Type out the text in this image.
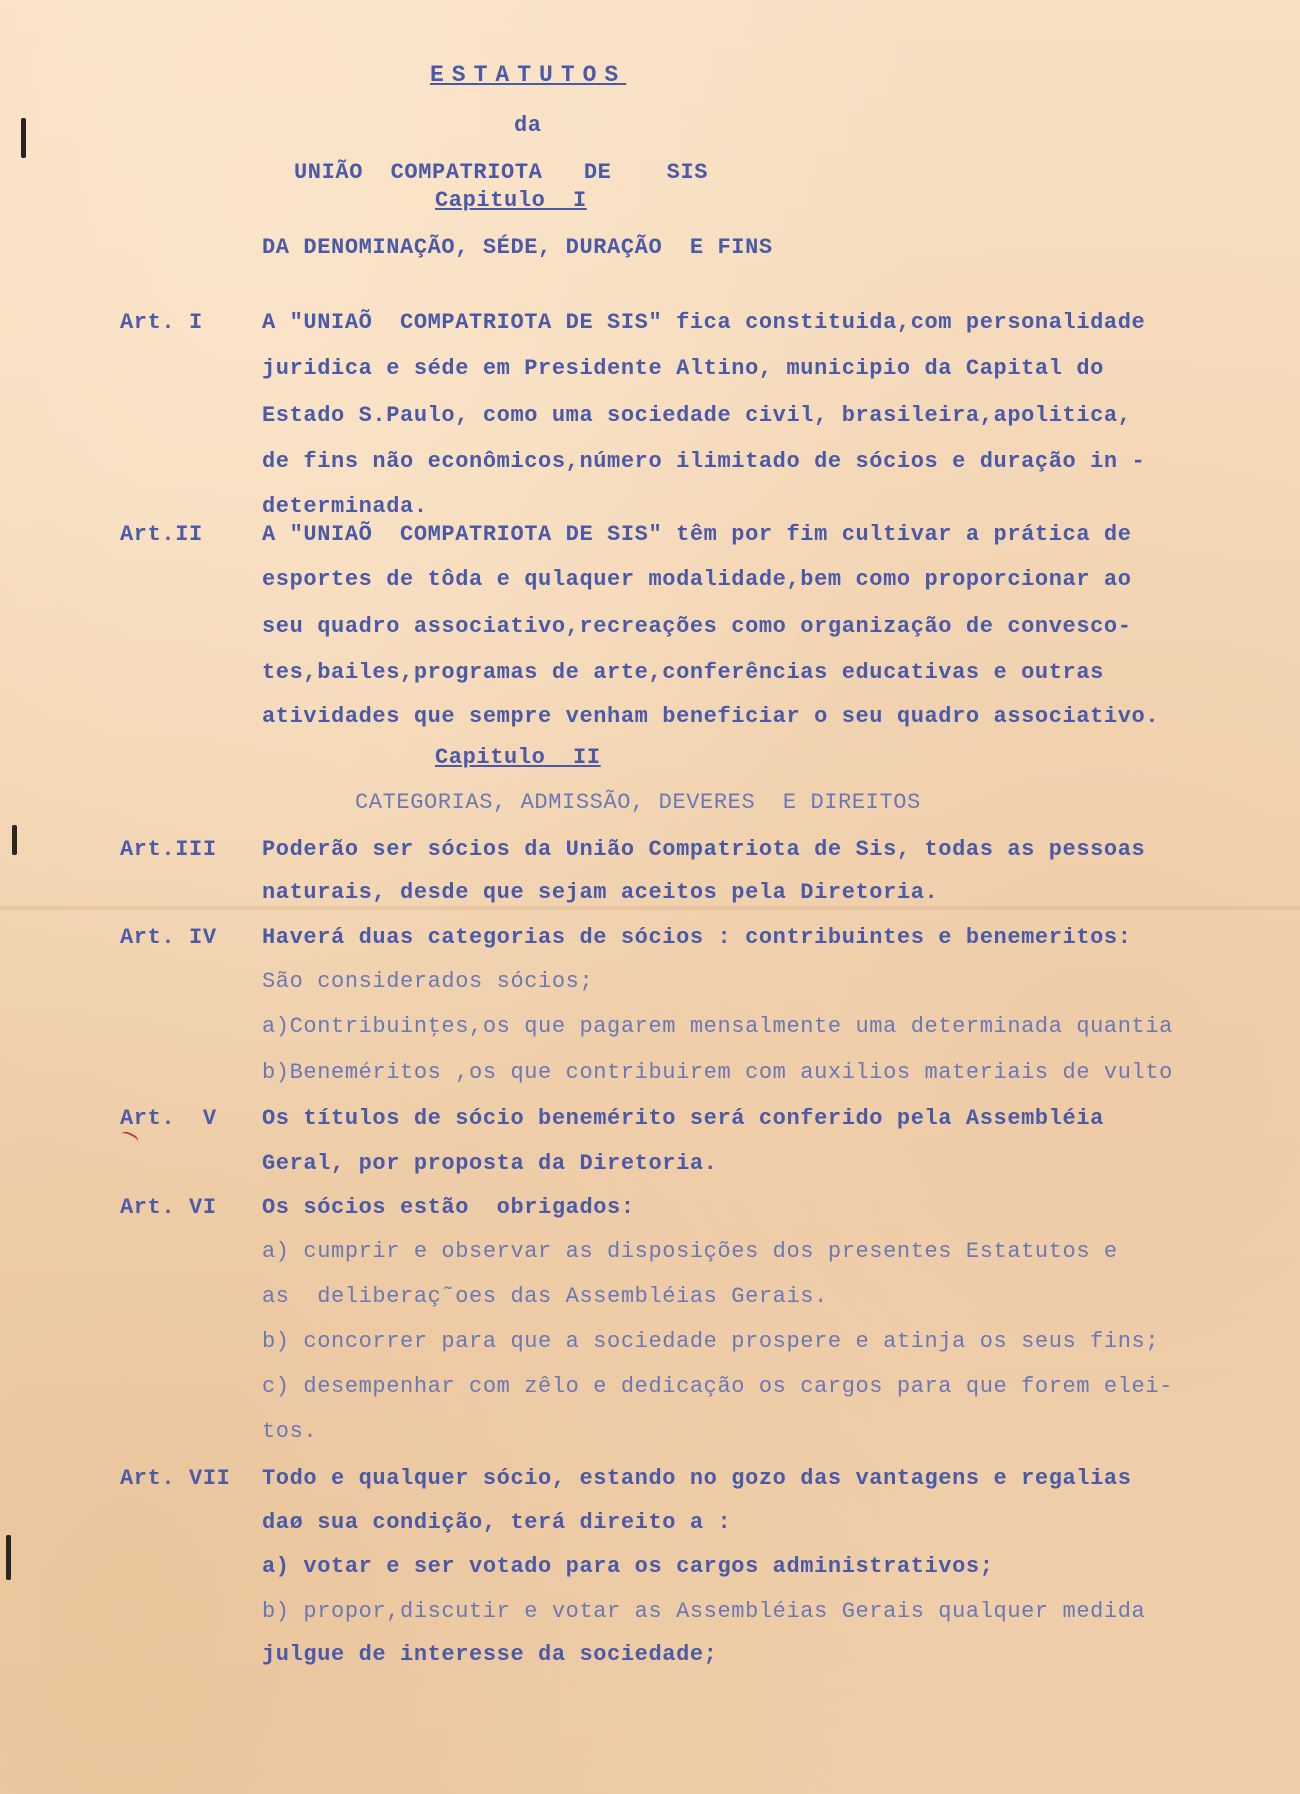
ESTATUTOS
da
UNIÃO  COMPATRIOTA   DE    SIS
Capitulo  I
DA DENOMINAÇÃO, SÉDE, DURAÇÃO  E FINS
Art. I	A "UNIAÕ  COMPATRIOTA DE SIS" fica constituida,com personalidade
juridica e séde em Presidente Altino, municipio da Capital do
Estado S.Paulo, como uma sociedade civil, brasileira,apolitica,
de fins não econômicos,número ilimitado de sócios e duração in -
determinada.
Art.II	A "UNIAÕ  COMPATRIOTA DE SIS" têm por fim cultivar a prática de
esportes de tôda e qulaquer modalidade,bem como proporcionar ao
seu quadro associativo,recreações como organização de convesco-
tes,bailes,programas de arte,conferências educativas e outras
atividades que sempre venham beneficiar o seu quadro associativo.
Capitulo  II
CATEGORIAS, ADMISSÃO, DEVERES  E DIREITOS
Art.III Poderão ser sócios da União Compatriota de Sis, todas as pessoas
naturais, desde que sejam aceitos pela Diretoria.
Art. IV Haverá duas categorias de sócios : contribuintes e benemeritos:
São considerados sócios;
a)Contribuinţes,os que pagarem mensalmente uma determinada quantia
b)Beneméritos ,os que contribuirem com auxilios materiais de vulto
Art.  V Os títulos de sócio benemérito será conferido pela Assembléia
Geral, por proposta da Diretoria.
Art. VI Os sócios estão  obrigados:
a) cumprir e observar as disposições dos presentes Estatutos e
as  deliberaç˜oes das Assembléias Gerais.
b) concorrer para que a sociedade prospere e atinja os seus fins;
c) desempenhar com zêlo e dedicação os cargos para que forem elei-
tos.
Art. VII Todo e qualquer sócio, estando no gozo das vantagens e regalias
daø sua condição, terá direito a :
a) votar e ser votado para os cargos administrativos;
b) propor,discutir e votar as Assembléias Gerais qualquer medida
julgue de interesse da sociedade;
